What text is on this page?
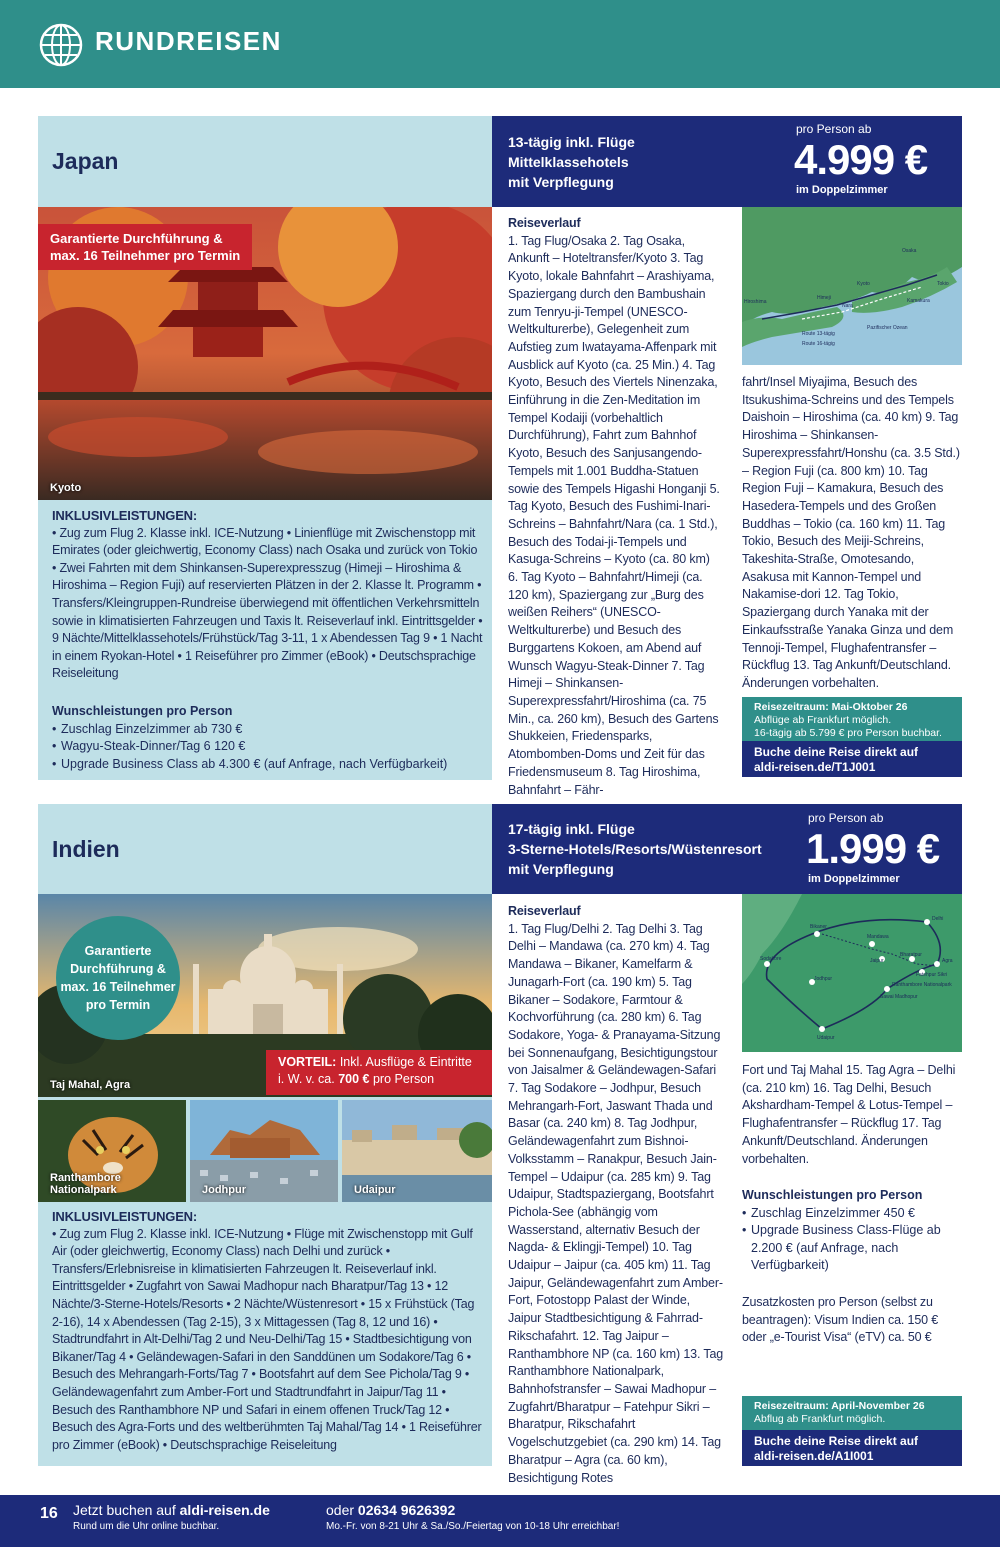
RUNDREISEN
Japan
13-tägig inkl. Flüge
Mittelklassehotels
mit Verpflegung
pro Person ab
4.999 €
im Doppelzimmer
Kyoto
Garantierte Durchführung &
max. 16 Teilnehmer pro Termin
INKLUSIVLEISTUNGEN:
• Zug zum Flug 2. Klasse inkl. ICE-Nutzung • Linienflüge mit Zwischenstopp mit Emirates (oder gleichwertig, Economy Class) nach Osaka und zurück von Tokio • Zwei Fahrten mit dem Shinkansen-Superexpresszug (Himeji – Hiroshima & Hiroshima – Region Fuji) auf reservierten Plätzen in der 2. Klasse lt. Programm • Transfers/Kleingruppen-Rundreise überwiegend mit öffentlichen Verkehrsmitteln sowie in klimatisierten Fahrzeugen und Taxis lt. Reiseverlauf inkl. Eintrittsgelder • 9 Nächte/Mittelklassehotels/Frühstück/Tag 3-11, 1 x Abendessen Tag 9 • 1 Nacht in einem Ryokan-Hotel • 1 Reiseführer pro Zimmer (eBook) • Deutschsprachige Reiseleitung
Wunschleistungen pro Person
• Zuschlag Einzelzimmer ab 730 €
• Wagyu-Steak-Dinner/Tag 6 120 €
• Upgrade Business Class ab 4.300 € (auf Anfrage, nach Verfügbarkeit)
Reiseverlauf
1. Tag Flug/Osaka 2. Tag Osaka, Ankunft – Hoteltransfer/Kyoto 3. Tag Kyoto, lokale Bahnfahrt – Arashiyama, Spaziergang durch den Bambushain zum Tenryu-ji-Tempel (UNESCO-Weltkulturerbe), Gelegenheit zum Aufstieg zum Iwatayama-Affenpark mit Ausblick auf Kyoto (ca. 25 Min.) 4. Tag Kyoto, Besuch des Viertels Ninenzaka, Einführung in die Zen-Meditation im Tempel Kodaiji (vorbehaltlich Durchführung), Fahrt zum Bahnhof Kyoto, Besuch des Sanjusangendo-Tempels mit 1.001 Buddha-Statuen sowie des Tempels Higashi Honganji 5. Tag Kyoto, Besuch des Fushimi-Inari-Schreins – Bahnfahrt/Nara (ca. 1 Std.), Besuch des Todai-ji-Tempels und Kasuga-Schreins – Kyoto (ca. 80 km) 6. Tag Kyoto – Bahnfahrt/Himeji (ca. 120 km), Spaziergang zur „Burg des weißen Reihers“ (UNESCO-Weltkulturerbe) und Besuch des Burggartens Kokoen, am Abend auf Wunsch Wagyu-Steak-Dinner 7. Tag Himeji – Shinkansen-Superexpressfahrt/Hiroshima (ca. 75 Min., ca. 260 km), Besuch des Gartens Shukkeien, Friedensparks, Atombomben-Doms und Zeit für das Friedensmuseum 8. Tag Hiroshima, Bahnfahrt – Fähr-
Osaka
Tokio
Kyoto
Hiroshima
Himeji
Nara
Kamakura
Pazifischer Ozean
Route 13-tägig
Route 16-tägig
fahrt/Insel Miyajima, Besuch des Itsukushima-Schreins und des Tempels Daishoin – Hiroshima (ca. 40 km) 9. Tag Hiroshima – Shinkansen-Superexpressfahrt/Honshu (ca. 3.5 Std.) – Region Fuji (ca. 800 km) 10. Tag Region Fuji – Kamakura, Besuch des Hasedera-Tempels und des Großen Buddhas – Tokio (ca. 160 km) 11. Tag Tokio, Besuch des Meiji-Schreins, Takeshita-Straße, Omotesando, Asakusa mit Kannon-Tempel und Nakamise-dori 12. Tag Tokio, Spaziergang durch Yanaka mit der Einkaufsstraße Yanaka Ginza und dem Tennoji-Tempel, Flughafentransfer – Rückflug 13. Tag Ankunft/Deutschland. Änderungen vorbehalten.
Reisezeitraum: Mai-Oktober 26
Abflüge ab Frankfurt möglich.
16-tägig ab 5.799 € pro Person buchbar.
Buche deine Reise direkt auf
aldi-reisen.de/T1J001
Indien
17-tägig inkl. Flüge
3-Sterne-Hotels/Resorts/Wüstenresort
mit Verpflegung
pro Person ab
1.999 €
im Doppelzimmer
Taj Mahal, Agra
Garantierte
Durchführung &
max. 16 Teilnehmer
pro Termin
VORTEIL: Inkl. Ausflüge & Eintritte
i. W. v. ca. 700 € pro Person
Ranthambore Nationalpark	Jodhpur	Udaipur
INKLUSIVLEISTUNGEN:
• Zug zum Flug 2. Klasse inkl. ICE-Nutzung • Flüge mit Zwischenstopp mit Gulf Air (oder gleichwertig, Economy Class) nach Delhi und zurück • Transfers/Erlebnisreise in klimatisierten Fahrzeugen lt. Reiseverlauf inkl. Eintrittsgelder • Zugfahrt von Sawai Madhopur nach Bharatpur/Tag 13 • 12 Nächte/3-Sterne-Hotels/Resorts • 2 Nächte/Wüstenresort • 15 x Frühstück (Tag 2-16), 14 x Abendessen (Tag 2-15), 3 x Mittagessen (Tag 8, 12 und 16) • Stadtrundfahrt in Alt-Delhi/Tag 2 und Neu-Delhi/Tag 15 • Stadtbesichtigung von Bikaner/Tag 4 • Geländewagen-Safari in den Sanddünen um Sodakore/Tag 6 • Besuch des Mehrangarh-Forts/Tag 7 • Bootsfahrt auf dem See Pichola/Tag 9 • Geländewagenfahrt zum Amber-Fort und Stadtrundfahrt in Jaipur/Tag 11 • Besuch des Ranthambhore NP und Safari in einem offenen Truck/Tag 12 • Besuch des Agra-Forts und des weltberühmten Taj Mahal/Tag 14 • 1 Reiseführer pro Zimmer (eBook) • Deutschsprachige Reiseleitung
Reiseverlauf
1. Tag Flug/Delhi 2. Tag Delhi 3. Tag Delhi – Mandawa (ca. 270 km) 4. Tag Mandawa – Bikaner, Kamelfarm & Junagarh-Fort (ca. 190 km) 5. Tag Bikaner – Sodakore, Farmtour & Kochvorführung (ca. 280 km) 6. Tag Sodakore, Yoga- & Pranayama-Sitzung bei Sonnenaufgang, Besichtigungstour von Jaisalmer & Geländewagen-Safari 7. Tag Sodakore – Jodhpur, Besuch Mehrangarh-Fort, Jaswant Thada und Basar (ca. 240 km) 8. Tag Jodhpur, Geländewagenfahrt zum Bishnoi-Volksstamm – Ranakpur, Besuch Jain-Tempel – Udaipur (ca. 285 km) 9. Tag Udaipur, Stadtspaziergang, Bootsfahrt Pichola-See (abhängig vom Wasserstand, alternativ Besuch der Nagda- & Eklingji-Tempel) 10. Tag Udaipur – Jaipur (ca. 405 km) 11. Tag Jaipur, Geländewagenfahrt zum Amber-Fort, Fotostopp Palast der Winde, Jaipur Stadtbesichtigung & Fahrrad-Rikschafahrt. 12. Tag Jaipur – Ranthambhore NP (ca. 160 km) 13. Tag Ranthambhore Nationalpark, Bahnhofstransfer – Sawai Madhopur – Zugfahrt/Bharatpur – Fatehpur Sikri – Bharatpur, Rikschafahrt Vogelschutzgebiet (ca. 290 km) 14. Tag Bharatpur – Agra (ca. 60 km), Besichtigung Rotes
Delhi
Bikaner
Mandawa
Sodakore
Jodhpur
Jaipur
Bharatpur
Agra
Fatehpur Sikri
Ranthambore Nationalpark
Sawai Madhopur
Udaipur
Fort und Taj Mahal 15. Tag Agra – Delhi (ca. 210 km) 16. Tag Delhi, Besuch Akshardham-Tempel & Lotus-Tempel – Flughafentransfer – Rückflug 17. Tag Ankunft/Deutschland. Änderungen vorbehalten.
Wunschleistungen pro Person
• Zuschlag Einzelzimmer 450 €
• Upgrade Business Class-Flüge ab 2.200 € (auf Anfrage, nach Verfügbarkeit)
Zusatzkosten pro Person (selbst zu beantragen): Visum Indien ca. 150 € oder „e-Tourist Visa“ (eTV) ca. 50 €
Reisezeitraum: April-November 26
Abflug ab Frankfurt möglich.
Buche deine Reise direkt auf
aldi-reisen.de/A1I001
16 Jetzt buchen auf aldi-reisen.de
Rund um die Uhr online buchbar.
oder 02634 9626392
Mo.-Fr. von 8-21 Uhr & Sa./So./Feiertag von 10-18 Uhr erreichbar!
